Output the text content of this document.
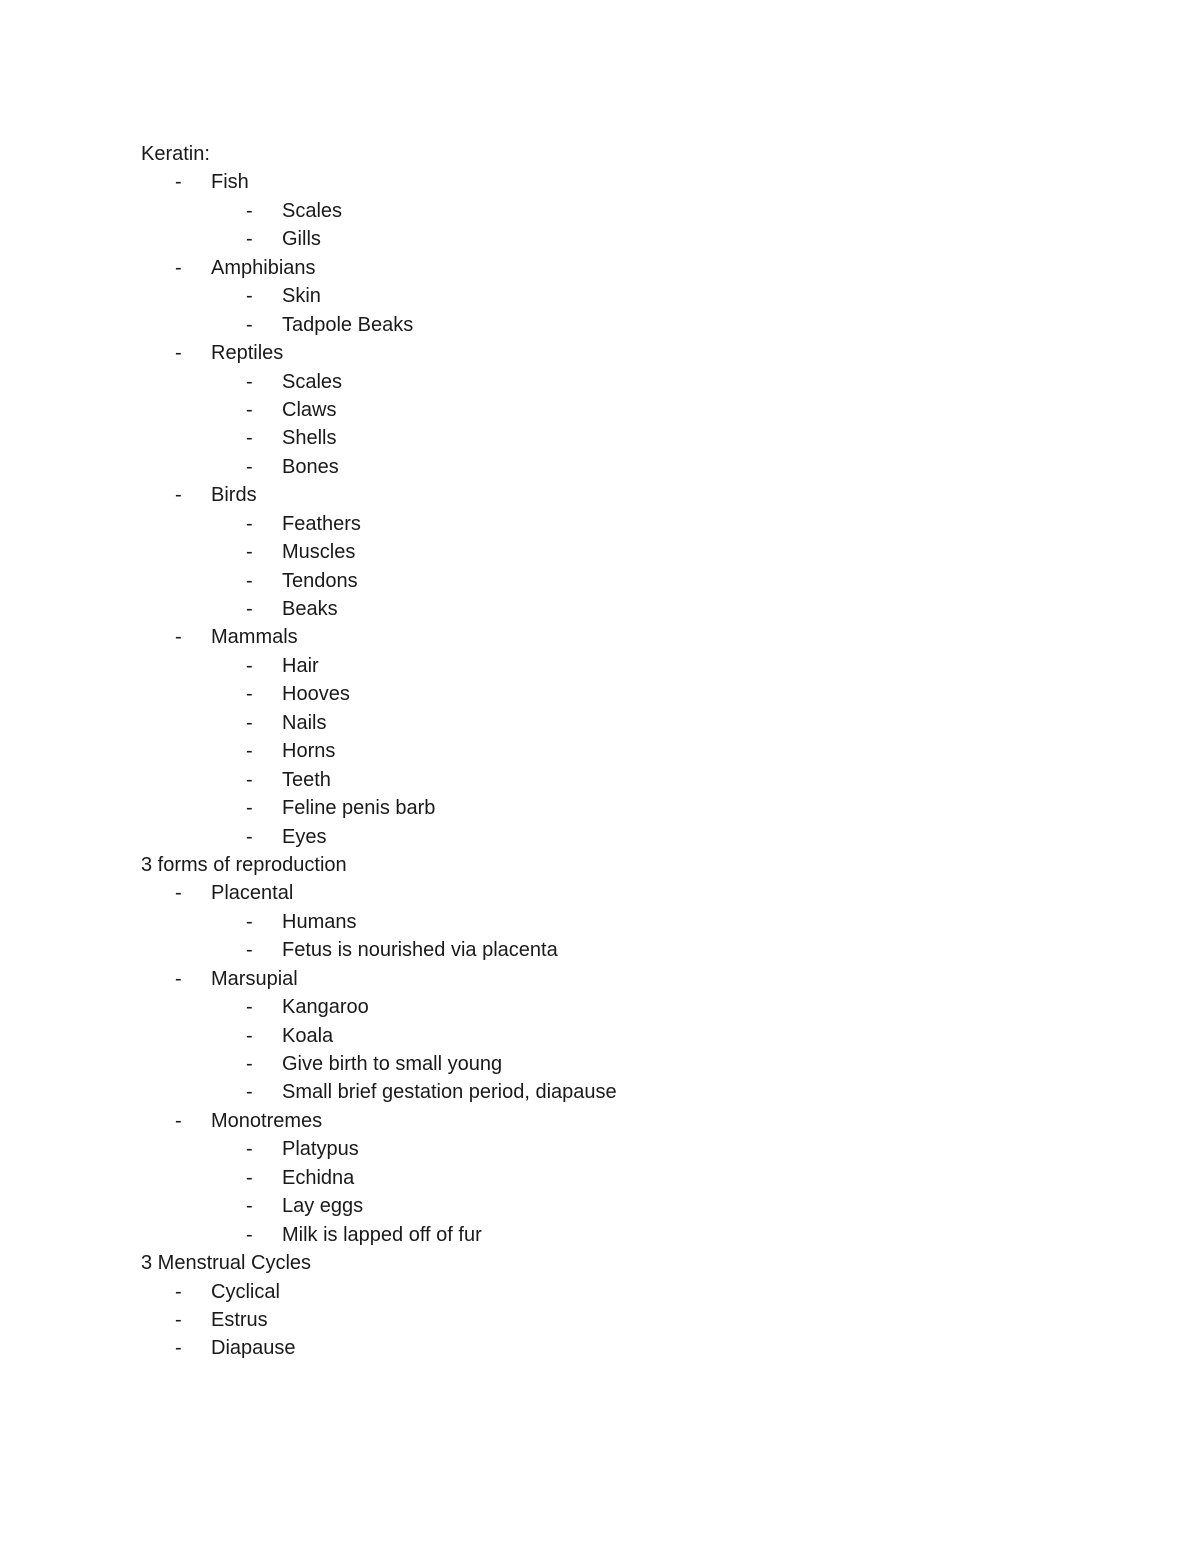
Keratin:
- Fish
- Scales
- Gills
- Amphibians
- Skin
- Tadpole Beaks
- Reptiles
- Scales
- Claws
- Shells
- Bones
- Birds
- Feathers
- Muscles
- Tendons
- Beaks
- Mammals
- Hair
- Hooves
- Nails
- Horns
- Teeth
- Feline penis barb
- Eyes
3 forms of reproduction
- Placental
- Humans
- Fetus is nourished via placenta
- Marsupial
- Kangaroo
- Koala
- Give birth to small young
- Small brief gestation period, diapause
- Monotremes
- Platypus
- Echidna
- Lay eggs
- Milk is lapped off of fur
3 Menstrual Cycles
- Cyclical
- Estrus
- Diapause
